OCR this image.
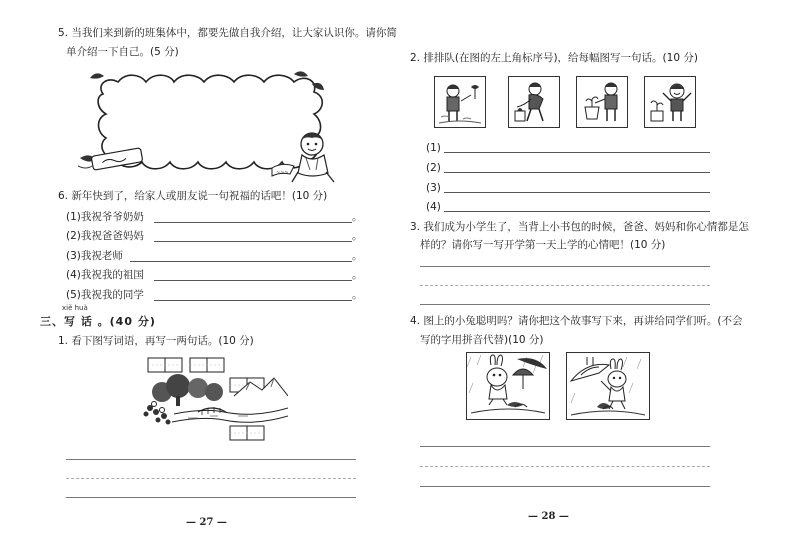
5. 当我们来到新的班集体中，都要先做自我介绍，让大家认识你。请你简
单介绍一下自己。(5 分)
~~~
6. 新年快到了，给家人或朋友说一句祝福的话吧！(10 分)
(1)我祝爷爷奶奶	。
(2)我祝爸爸妈妈	。
(3)我祝老师	。
(4)我祝我的祖国	。
(5)我祝我的同学	。
xiě huà
三、写 话 。(40 分)
1. 看下图写词语，再写一两句话。(10 分)
— 27 —
2. 排排队(在图的左上角标序号)，给每幅图写一句话。(10 分)
(1)
(2)
(3)
(4)
3. 我们成为小学生了，当背上小书包的时候，爸爸、妈妈和你心情都是怎
样的？请你写一写开学第一天上学的心情吧！(10 分)
4. 图上的小兔聪明吗？请你把这个故事写下来，再讲给同学们听。(不会
写的字用拼音代替)(10 分)
— 28 —
